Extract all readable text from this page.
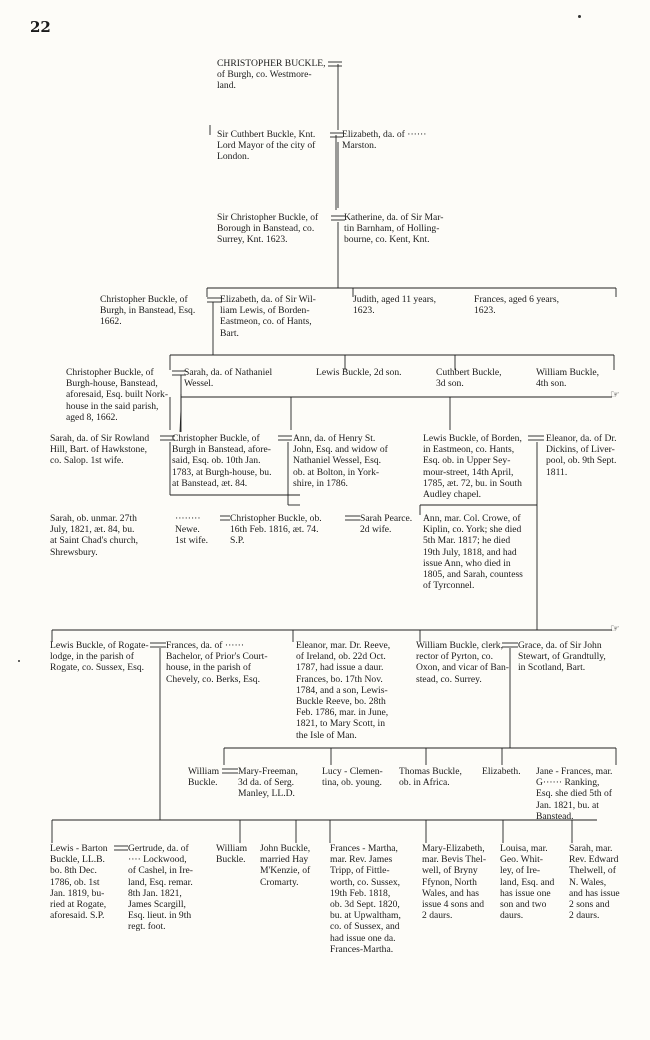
22
☞
☞

CHRISTOPHER BUCKLE,
of Burgh, co. Westmore-
land.

Sir Cuthbert Buckle, Knt.
Lord Mayor of the city of
London.

Elizabeth, da. of ······
Marston.

Sir Christopher Buckle, of
Borough in Banstead, co.
Surrey, Knt. 1623.

Katherine, da. of Sir Mar-
tin Barnham, of Holling-
bourne, co. Kent, Knt.

Christopher Buckle, of
Burgh, in Banstead, Esq.
1662.

Elizabeth, da. of Sir Wil-
liam Lewis, of Borden-
Eastmeon, co. of Hants,
Bart.

Judith, aged 11 years,
1623.

Frances, aged 6 years,
1623.

Christopher Buckle, of
Burgh-house, Banstead,
aforesaid, Esq. built Nork-
house in the said parish,
aged 8, 1662.

Sarah, da. of Nathaniel
Wessel.

Lewis Buckle, 2d son.	Cuthbert Buckle,
3d son.

William Buckle,
4th son.

Sarah, da. of Sir Rowland
Hill, Bart. of Hawkstone,
co. Salop. 1st wife.

Christopher Buckle, of
Burgh in Banstead, afore-
said, Esq. ob. 10th Jan.
1783, at Burgh-house, bu.
at Banstead, æt. 84.

Ann, da. of Henry St.
John, Esq. and widow of
Nathaniel Wessel, Esq.
ob. at Bolton, in York-
shire, in 1786.

Lewis Buckle, of Borden,
in Eastmeon, co. Hants,
Esq. ob. in Upper Sey-
mour-street, 14th April,
1785, æt. 72, bu. in South
Audley chapel.

Eleanor, da. of Dr.
Dickins, of Liver-
pool, ob. 9th Sept.
1811.

Sarah, ob. unmar. 27th
July, 1821, æt. 84, bu.
at Saint Chad's church,
Shrewsbury.

········
Newe.
1st wife.

Christopher Buckle, ob.
16th Feb. 1816, æt. 74.
S.P.

Sarah Pearce.
2d wife.

Ann, mar. Col. Crowe, of
Kiplin, co. York; she died
5th Mar. 1817; he died
19th July, 1818, and had
issue Ann, who died in
1805, and Sarah, countess
of Tyrconnel.

Lewis Buckle, of Rogate-
lodge, in the parish of
Rogate, co. Sussex, Esq.

Frances, da. of ······
Bachelor, of Prior's Court-
house, in the parish of
Chevely, co. Berks, Esq.

Eleanor, mar. Dr. Reeve,
of Ireland, ob. 22d Oct.
1787, had issue a daur.
Frances, bo. 17th Nov.
1784, and a son, Lewis-
Buckle Reeve, bo. 28th
Feb. 1786, mar. in June,
1821, to Mary Scott, in
the Isle of Man.

William Buckle, clerk,
rector of Pyrton, co.
Oxon, and vicar of Ban-
stead, co. Surrey.

Grace, da. of Sir John
Stewart, of Grandtully,
in Scotland, Bart.

William
Buckle.

Mary-Freeman,
3d da. of Serg.
Manley, LL.D.

Lucy - Clemen-
tina, ob. young.

Thomas Buckle,
ob. in Africa.

Elizabeth. Jane - Frances, mar.
G······ Ranking,
Esq. she died 5th of
Jan. 1821, bu. at
Banstead.

Lewis - Barton
Buckle, LL.B.
bo. 8th Dec.
1786, ob. 1st
Jan. 1819, bu-
ried at Rogate,
aforesaid. S.P.

Gertrude, da. of
···· Lockwood,
of Cashel, in Ire-
land, Esq. remar.
8th Jan. 1821,
James Scargill,
Esq. lieut. in 9th
regt. foot.

William
Buckle.

John Buckle,
married Hay
M'Kenzie, of
Cromarty.

Frances - Martha,
mar. Rev. James
Tripp, of Fittle-
worth, co. Sussex,
19th Feb. 1818,
ob. 3d Sept. 1820,
bu. at Upwaltham,
co. of Sussex, and
had issue one da.
Frances-Martha.

Mary-Elizabeth,
mar. Bevis Thel-
well, of Bryny
Ffynon, North
Wales, and has
issue 4 sons and
2 daurs.

Louisa, mar.
Geo. Whit-
ley, of Ire-
land, Esq. and
has issue one
son and two
daurs.

Sarah, mar.
Rev. Edward
Thelwell, of
N. Wales,
and has issue
2 sons and
2 daurs.
